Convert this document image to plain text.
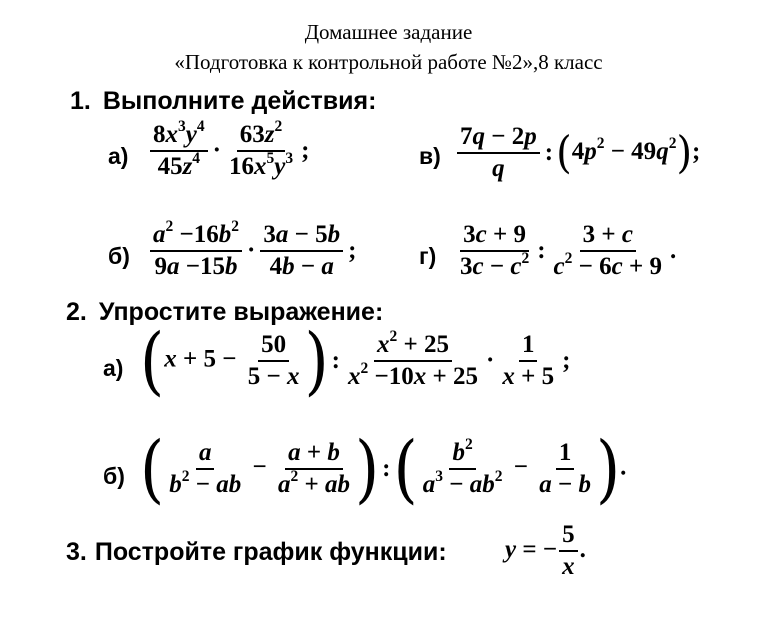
Домашнее задание
«Подготовка к контрольной работе №2»,8 класс
1. Выполните действия:
$а) \frac{8x^3y^4}{45z^4} \cdot \frac{63z^2}{16x^5y^3}$ ;	$в) \frac{7q - 2p}{q}$ $:(4p^2 - 49q^2)$;
$б) \frac{a^2 -16b^2}{9a -15b} \cdot \frac{3a - 5b}{4b - a}$ ;	$г) \frac{3c + 9}{3c - c^2}$ : $\frac{3 + c}{c^2 - 6c + 9}$ .
2. Упростите выражение:
а) ($x + 5 - \frac{50}{5 - x}$ ) : $\frac{x^2 + 25}{x^2 -10x + 25} \cdot \frac{1}{x + 5}$ ;
б) ( $\frac{a}{b^2 - ab} - \frac{a + b}{a^2 + ab}$ ) :( $\frac{b^2}{a^3 - ab^2} - \frac{1}{a - b}$ ).
3. Постройте график функции: y = − $\frac{5}{x}$ .
